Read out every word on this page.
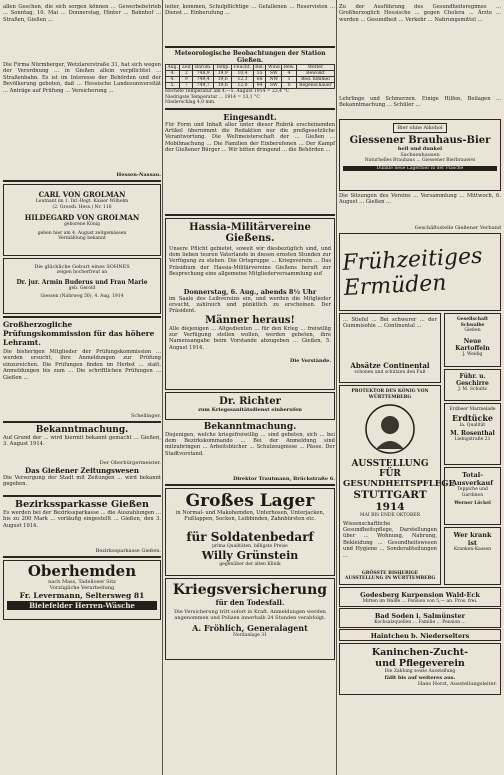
allen Geschen, die sich sorgen können ... Gewerbebetrieb ... Sonntag, 10. Mai ... Donnerstag, Hinter ... Bahnhof ... Straßen, Gießen ...
Die Firma Nürmberger, Wetzlarerstraße 31, hat sich wegen der Verordnung ... in Gießen allein verpflichtet ... Straßenbahn. Es ist im Interesse der Behörden und der Bevölkerung geboten, daß ... Hessische Landesuniversität ... Anträge auf Prüfung ... Versicherung ...
Hessen-Nassau.
CARL VON GROLMAN
Leutnant im 1. Inf.-Regt. Kaiser Wilhelm
(2. Grossh. Hess.) Nr. 116
HILDEGARD VON GROLMAN
geborene König
geben hier am 4. August zeitgemässen
Vermählung bekannt
Die glückliche Geburt eines SOHNES
zeigen hocherfreut an
Dr. jur. Armin Buderus und Frau Marie
geb. Gerold
Giessen (Nahrweg 50), 4. Aug. 1914
Großherzogliche Prüfungskommission für das höhere Lehramt.
Die bisherigen Mitglieder der Prüfungskommission ... werden ersucht, ihre Anmeldungen zur Prüfung einzureichen. Die Prüfungen finden im Herbst ... statt. Anmeldungen bis zum ... Die schriftlichen Prüfungen ... Gießen ...
Schellinger.
Bekanntmachung.
Auf Grund der ... wird hiermit bekannt gemacht ... Gießen, 3. August 1914.
Der Oberbürgermeister.
Das Gießener Zeitungswesen
Die Versorgung der Stadt mit Zeitungen ... wird bekannt gegeben.
Bezirkssparkasse Gießen
Es werden bei der Bezirkssparkasse ... die Auszahlungen ... bis zu 200 Mark ... vorläufig eingestellt ... Gießen, den 3. August 1914.
Bezirkssparkasse Gießen.
Oberhemden
nach Mass, Tadelloser Sitz
Vorzügliche Verarbeitung
Fr. Levermann, Seltersweg 81
Bielefelder Herren-Wäsche
leiter, kommen, Schulpflichtige ... Gefallenen ... Reservisten ... Dienst ... Einberufung ...
Meteorologische Beobachtungen der Station Gießen.
Aug.	Zeit	Barom.	Temp.	Feucht.	Rel.	Wind	Bew.	Wetter
4.	2	748,9	19,9	10,4	55	SW	4	Bewölkt
4.	9	749,4	19,6	12,3	68	NW	1	Bed. himmel
5.	7	749,7	19,6	12,8	94	SW	0	Regenschauer
Höchste Temperatur am 4.—5. August 1914 = 22,4 °C
Niedrigste Temperatur ... 1914 = 13,1 °C
Niederschlag 4,0 mm.
Eingesandt.
Für Form und Inhalt aller unter dieser Rubrik erscheinenden Artikel übernimmt die Redaktion nur die preßgesetzliche Verantwortung. Die Weltmeisterschaft der ... Gießen ... Mobilmachung ... Die Familien der Einberufenen ... Der Kampf der Gießener Bürger ... Wir bitten dringend ... die Behörden ...
Hassia-Militärvereine
Gießens.
Unsere Pflicht gebietet, soweit wir diesbezüglich sind, und dem lieben teuren Vaterlande in diesen ernsten Stunden zur Verfügung zu stehen. Die Ortsgruppe ... Kriegsverein ... Das Präsidium der Hassia-Militärvereine Gießens beruft zur Besprechung eine allgemeine Mitgliederversammlung auf
Donnerstag, 6. Aug., abends 8½ Uhr
im Saale des Leibvereins ein, und werden die Mitglieder ersucht, zahlreich und pünktlich zu erscheinen. Der Präsident.
Männer heraus!
Alle diejenigen ... Altgedienten ... für den Krieg ... freiwillig zur Verfügung stellen wollen, werden gebeten, ihre Namensangabe beim Vorstande abzugeben ... Gießen, 5. August 1914.
Die Vorstände.
Dr. Richter
zum Kriegssanitätsdienst einberufen
Bekanntmachung.
Diejenigen, welche kriegsfreiwillig ... sind gebeten, sich ... bei dem Bezirkskommando ... Bei der Anmeldung sind mitzubringen ... Arbeitsbücher ... Schulzeugnisse ... Pässe. Der Stadtvorstand.
Direktor Trautmann, Brückstraße 6.
Großes Lager
in Normal- und Makohemden, Unterhosen, Unterjacken, Fußlappen, Socken, Leibbinden, Zahnbürsten etc.
für Soldatenbedarf
prima Qualitäten, billigste Preise
Willy Grünstein
gegenüber der alten Klinik
Kriegsversicherung
für den Todesfall.
Die Versicherung tritt sofort in Kraft. Anmeldungen werden angenommen und Polizen innerhalb 24 Stunden verabfolgt.
A. Fröhlich, Generalagent
Nordanlage 31
Zu der Ausführung des Gesundheitsregimes ... Großherzoglich Hessische ... gegen Cholera ... Ärzte ... werden ... Gesundheit ... Verkehr ... Nahrungsmittel ...
Lehrlinge und Schmerzen. Einige Hilfen, Beilagen ... Bekanntmachung ... Schüler ...
Bier ohne Alkohol
Giessener Brauhaus-Bier
hell und dunkel
Sachsenhausen
Naturhelles Brauhaus ... Giessener Bierbrauerei
Dunkle neue Lagerbier in der Flasche
Die Sitzungen des Vereins ... Versammlung ... Mittwoch, 6. August ... Gießen ...
Geschäftsstelle Gießener Verband
Frühzeitiges Ermüden
... Stiefel ... Bei schwerer ... der Gummisohle ... Continental ...
Absätze Continental
schonen und schützen den Fuß
PROTEKTOR DES KÖNIG VON WÜRTTEMBERG
AUSSTELLUNG FÜR
GESUNDHEITSPFLEGE
STUTTGART 1914
MAI BIS ENDE OKTOBER
Wissenschaftliche Gesundheitspflege, Darstellungen über ... Wohnung, Nahrung, Bekleidung ... Gesundheitswesen und Hygiene ... Sonderabteilungen ...
GRÖSSTE BISHERIGE AUSSTELLUNG IN WÜRTTEMBERG
Gesellschaft Schwalbe
Gießen
Neue Kartoffeln
J. Weidig
Führ. u. Geschirre
J. M. Schultz
Erdbeer Marmelade
Erdtücke
la. Qualität
M. Rosenthal
Liebigstraße 21
Total-Ausverkauf
Teppiche und Gardinen
Werner Löckel
Wer krank ist
Kranken-Kassen
Godesberg Kurpension Wald-Eck
Mitten im Walde ... Pension von 5,— an. Pros. frei.
Bad Soden i. Salmünster
Kochsalzquellen ... Familie ... Pension ...
Haintchen b. Niederselters
Kaninchen-Zucht-
und Pflegeverein
Die Zahlung sowie Ausstellung
fällt bis auf weiteres aus.
Hans Horst, Ausstellungsleiter.
